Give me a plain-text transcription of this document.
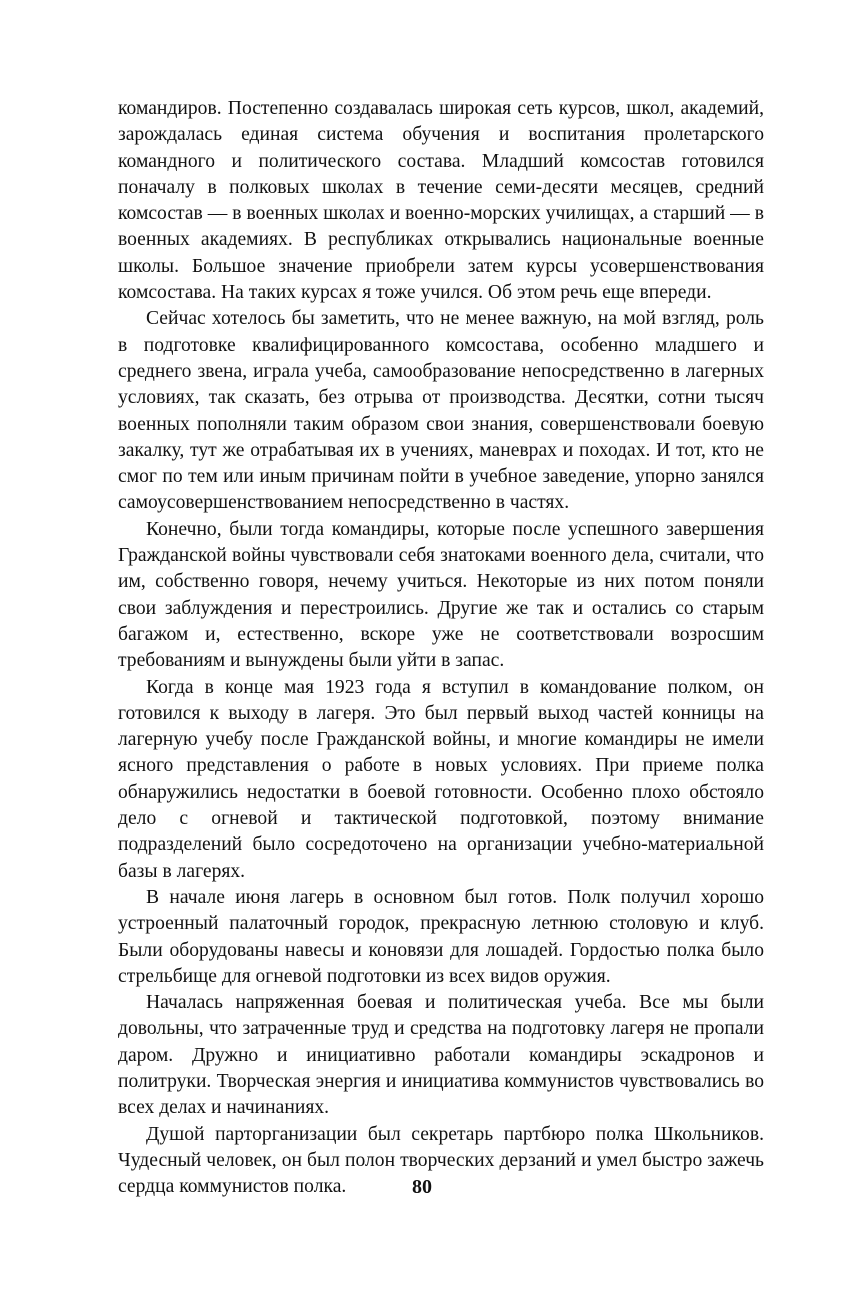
командиров. Постепенно создавалась широкая сеть курсов, школ, академий, зарождалась единая система обучения и воспитания пролетарского командного и политического состава. Младший комсостав готовился поначалу в полковых школах в течение семи-десяти месяцев, средний комсостав — в военных школах и военно-морских училищах, а старший — в военных академиях. В республиках открывались национальные военные школы. Большое значение приобрели затем курсы усовершенствования комсостава. На таких курсах я тоже учился. Об этом речь еще впереди.

Сейчас хотелось бы заметить, что не менее важную, на мой взгляд, роль в подготовке квалифицированного комсостава, особенно младшего и среднего звена, играла учеба, самообразование непосредственно в лагерных условиях, так сказать, без отрыва от производства. Десятки, сотни тысяч военных пополняли таким образом свои знания, совершенствовали боевую закалку, тут же отрабатывая их в учениях, маневрах и походах. И тот, кто не смог по тем или иным причинам пойти в учебное заведение, упорно занялся самоусовершенствованием непосредственно в частях.

Конечно, были тогда командиры, которые после успешного завершения Гражданской войны чувствовали себя знатоками военного дела, считали, что им, собственно говоря, нечему учиться. Некоторые из них потом поняли свои заблуждения и перестроились. Другие же так и остались со старым багажом и, естественно, вскоре уже не соответствовали возросшим требованиям и вынуждены были уйти в запас.

Когда в конце мая 1923 года я вступил в командование полком, он готовился к выходу в лагеря. Это был первый выход частей конницы на лагерную учебу после Гражданской войны, и многие командиры не имели ясного представления о работе в новых условиях. При приеме полка обнаружились недостатки в боевой готовности. Особенно плохо обстояло дело с огневой и тактической подготовкой, поэтому внимание подразделений было сосредоточено на организации учебно-материальной базы в лагерях.

В начале июня лагерь в основном был готов. Полк получил хорошо устроенный палаточный городок, прекрасную летнюю столовую и клуб. Были оборудованы навесы и коновязи для лошадей. Гордостью полка было стрельбище для огневой подготовки из всех видов оружия.

Началась напряженная боевая и политическая учеба. Все мы были довольны, что затраченные труд и средства на подготовку лагеря не пропали даром. Дружно и инициативно работали командиры эскадронов и политруки. Творческая энергия и инициатива коммунистов чувствовались во всех делах и начинаниях.

Душой парторганизации был секретарь партбюро полка Школьников. Чудесный человек, он был полон творческих дерзаний и умел быстро зажечь сердца коммунистов полка.	80
